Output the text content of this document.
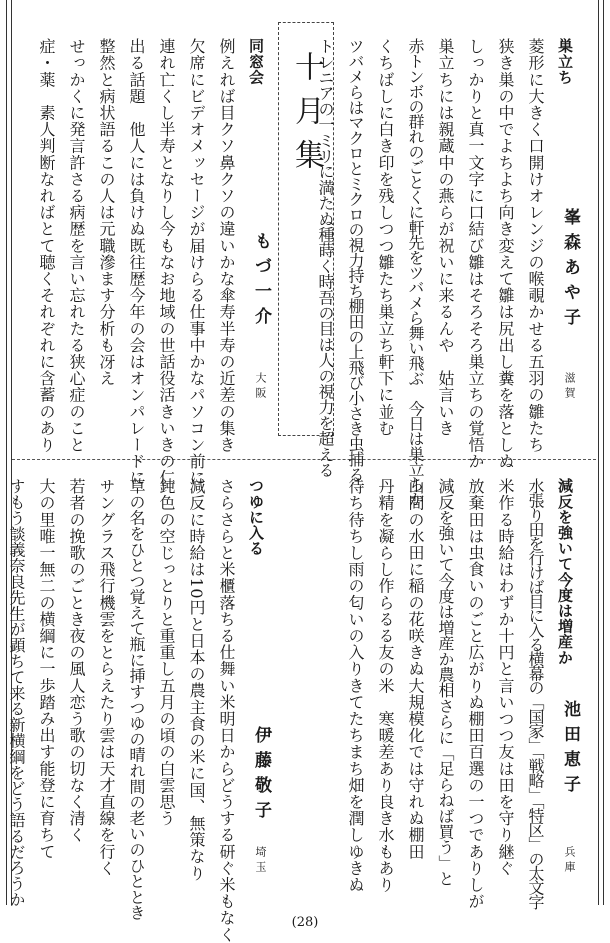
十月集	巣立ち
菱形に大きく口開けオレンジの喉覗かせる五羽の雛たち 峯森あや子
滋賀
狭き巣の中でよちよち向き変えて雛は尻出し糞を落としぬ
しっかりと真一文字に口結び雛はそろそろ巣立ちの覚悟か
巣立ちには親蔵中の燕らが祝いに来るんや　姑言いき
赤トンボの群れのごとくに軒先をツバメら舞い飛ぶ　今日は巣立ちか
くちばしに白き印を残しつつ雛たち巣立ち軒下に並む
ツバメらはマクロとミクロの視力持ち棚田の上飛び小さき虫捕る
トレニアの一ミリに満たぬ種蒔く時吾の目は人の視力を超える
同窓会
例えれば目クソ鼻クソの違いかな傘寿半寿の近差の集き もづ一介
大阪
欠席にビデオメッセージが届けらる仕事中かなパソコン前に
連れ亡くし半寿となりし今もなお地域の世話役活きいきの仁
出る話題　他人には負けぬ既往歴今年の会はオンパレードに
整然と病状語るこの人は元職滲ます分析も冴え
せっかくに発言許さる病歴を言い忘れたる狭心症のこと
症・薬　素人判断なればとて聴くそれぞれに含蓄のあり
減反を強いて今度は増産か
水張り田を行けば目に入る横幕の「国家」「戦略」「特区」の太文字 池田恵子
兵庫
米作る時給はわずか十円と言いつつ友は田を守り継ぐ
放棄田は虫食いのごと広がりぬ棚田百選の一つでありしが
減反を強いて今度は増産か農相さらに「足らねば買う」と
山間の水田に稲の花咲きぬ大規模化では守れぬ棚田
丹精を凝らし作らるる友の米　寒暖差あり良き水もあり
待ち待ちし雨の匂いの入りきてたちまち畑を潤しゆきぬ
つゆに入る
さらさらと米櫃落ちる仕舞い米明日からどうする研ぐ米もなく 伊藤敬子
埼玉
減反に時給は10円と日本の農主食の米に国、無策なり
鈍色の空じっとりと重重し五月の頃の白雲思う
草の名をひとつ覚えて瓶に挿すつゆの晴れ間の老いのひととき
サングラス飛行機雲をとらえたり雲は天才直線を行く
若者の挽歌のごとき夜の風人恋う歌の切なく清く
大の里唯一無二の横綱に一歩踏み出す能登に育ちて
すもう談義奈良先生が顕ちて来る新横綱をどう語るだろうか
(28)
